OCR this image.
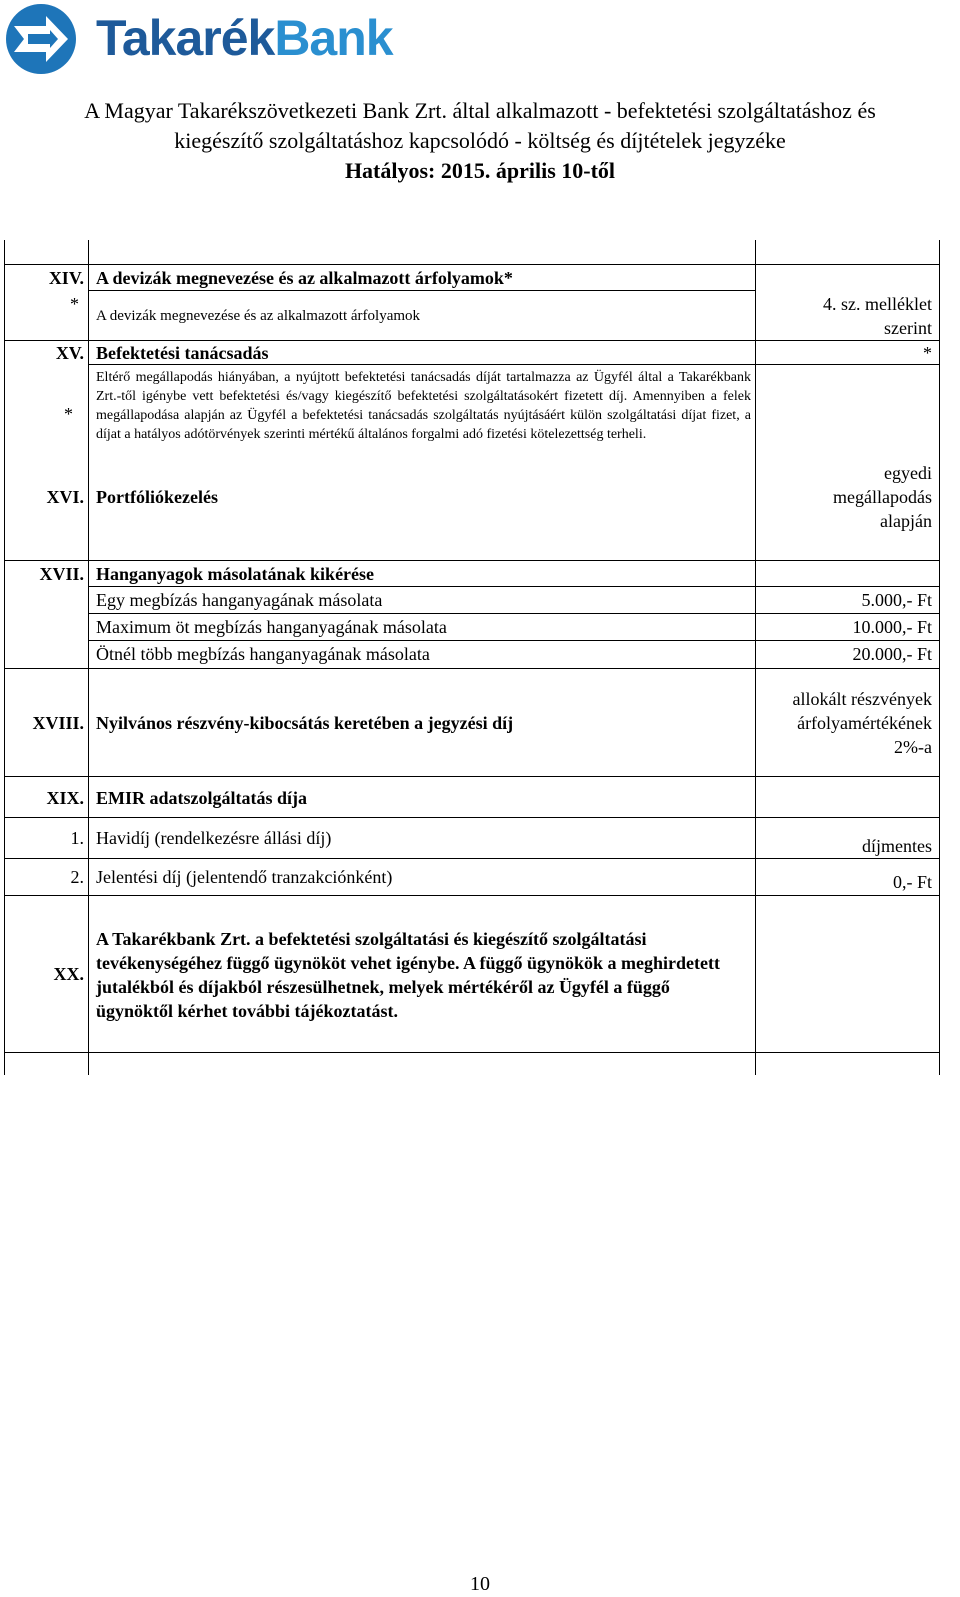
TakarékBank
A Magyar Takarékszövetkezeti Bank Zrt. által alkalmazott - befektetési szolgáltatáshoz és
kiegészítő szolgáltatáshoz kapcsolódó - költség és díjtételek jegyzéke
Hatályos: 2015. április 10-től
XIV. A devizák megnevezése és az alkalmazott árfolyamok*
*
A devizák megnevezése és az alkalmazott árfolyamok
4. sz. melléklet
szerint
XV. Befektetési tanácsadás	*
*
Eltérő megállapodás hiányában, a nyújtott befektetési tanácsadás díját tartalmazza az Ügyfél által a Takarékbank Zrt.-től igénybe vett befektetési és/vagy kiegészítő befektetési szolgáltatásokért fizetett díj. Amennyiben a felek megállapodása alapján az Ügyfél a befektetési tanácsadás szolgáltatás nyújtásáért külön szolgáltatási díjat fizet, a díjat a hatályos adótörvények szerinti mértékű általános forgalmi adó fizetési kötelezettség terheli.
XVI. Portfóliókezelés
egyedi
megállapodás
alapján
XVII. Hanganyagok másolatának kikérése
Egy megbízás hanganyagának másolata	5.000,- Ft
Maximum öt megbízás hanganyagának másolata	10.000,- Ft
Ötnél több megbízás hanganyagának másolata	20.000,- Ft
XVIII. Nyilvános részvény-kibocsátás keretében a jegyzési díj
allokált részvények
árfolyamértékének
2%-a
XIX. EMIR adatszolgáltatás díja
1. Havidíj (rendelkezésre állási díj)	díjmentes
2. Jelentési díj (jelentendő tranzakciónként)	0,- Ft
XX.
A Takarékbank Zrt. a befektetési szolgáltatási és kiegészítő szolgáltatási tevékenységéhez függő ügynököt vehet igénybe. A függő ügynökök a meghirdetett jutalékból és díjakból részesülhetnek, melyek mértékéről az Ügyfél a függő ügynöktől kérhet további tájékoztatást.
10
